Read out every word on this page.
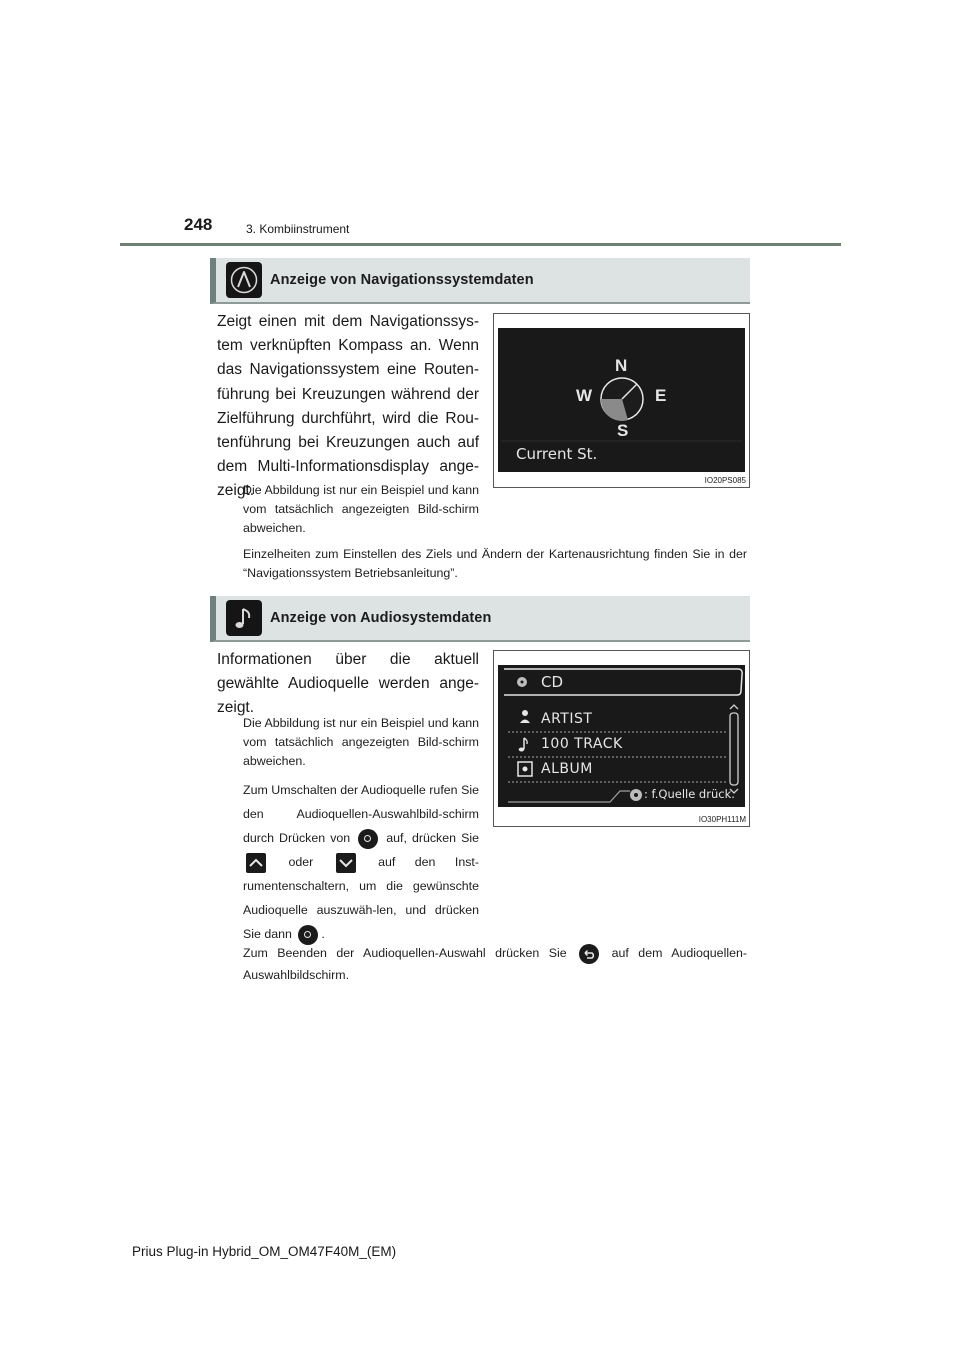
248	3. Kombiinstrument
Anzeige von Navigationssystemdaten
Zeigt einen mit dem Navigationssys-tem verknüpften Kompass an. Wenn das Navigationssystem eine Routen-führung bei Kreuzungen während der Zielführung durchführt, wird die Rou-tenführung bei Kreuzungen auch auf dem Multi-Informationsdisplay ange-zeigt.
Die Abbildung ist nur ein Beispiel und kann vom tatsächlich angezeigten Bild-schirm abweichen.
Einzelheiten zum Einstellen des Ziels und Ändern der Kartenausrichtung finden Sie in der “Navigationssystem Betriebsanleitung”.
N
E
S
W
Current St.
IO20PS085
Anzeige von Audiosystemdaten
Informationen über die aktuell gewählte Audioquelle werden ange-zeigt.
Die Abbildung ist nur ein Beispiel und kann vom tatsächlich angezeigten Bild-schirm abweichen.
Zum Umschalten der Audioquelle rufen Sie den Audioquellen-Auswahlbild-schirm durch Drücken von	auf, drücken Sie
oder	auf den Inst-rumentenschaltern, um die gewünschte Audioquelle auszuwäh-len, und drücken Sie dann .
Zum Beenden der Audioquellen-Auswahl drücken Sie	auf dem Audioquellen-Auswahlbildschirm.
CD
ARTIST
100 TRACK
ALBUM
: f.Quelle drück.
IO30PH111M
Prius Plug-in Hybrid_OM_OM47F40M_(EM)
